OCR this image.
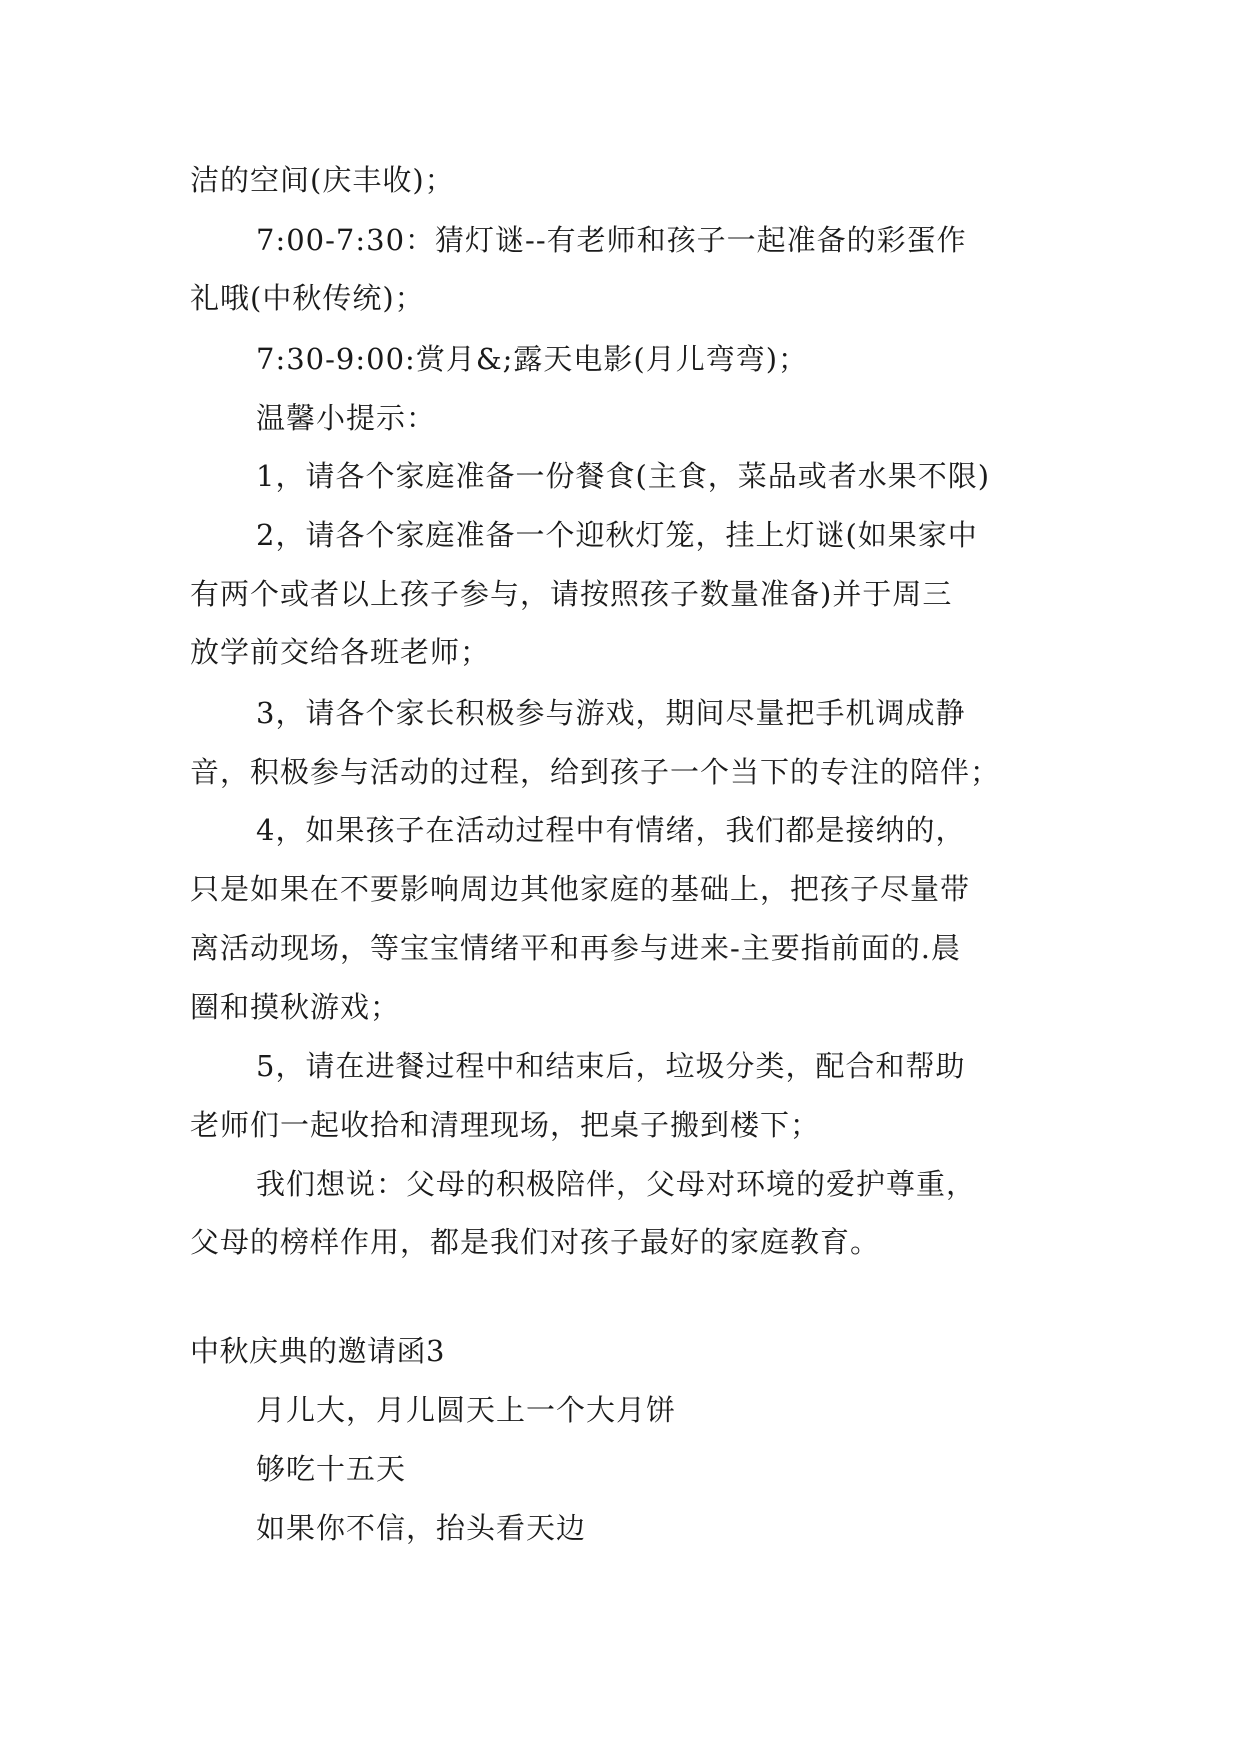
洁的空间(庆丰收)；
7:00-7:30：猜灯谜--有老师和孩子一起准备的彩蛋作
礼哦(中秋传统)；
7:30-9:00:赏月&;露天电影(月儿弯弯)；
温馨小提示：
1，请各个家庭准备一份餐食(主食，菜品或者水果不限)
2，请各个家庭准备一个迎秋灯笼，挂上灯谜(如果家中
有两个或者以上孩子参与，请按照孩子数量准备)并于周三
放学前交给各班老师；
3，请各个家长积极参与游戏，期间尽量把手机调成静
音，积极参与活动的过程，给到孩子一个当下的专注的陪伴；
4，如果孩子在活动过程中有情绪，我们都是接纳的，
只是如果在不要影响周边其他家庭的基础上，把孩子尽量带
离活动现场，等宝宝情绪平和再参与进来-主要指前面的.晨
圈和摸秋游戏；
5，请在进餐过程中和结束后，垃圾分类，配合和帮助
老师们一起收拾和清理现场，把桌子搬到楼下；
我们想说：父母的积极陪伴，父母对环境的爱护尊重，
父母的榜样作用，都是我们对孩子最好的家庭教育。
中秋庆典的邀请函3
月儿大，月儿圆天上一个大月饼
够吃十五天
如果你不信，抬头看天边
